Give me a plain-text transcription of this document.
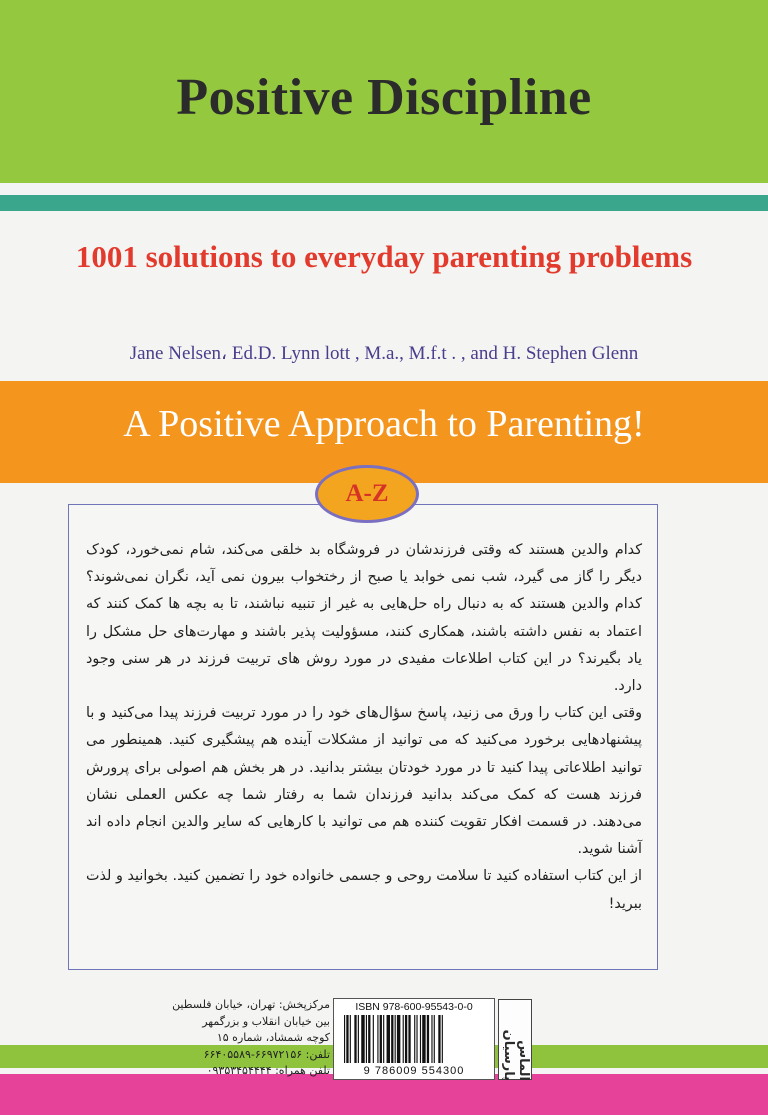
Positive Discipline
1001 solutions to everyday parenting problems
Jane Nelsen، Ed.D. Lynn lott , M.a., M.f.t . , and H. Stephen Glenn
A Positive Approach to Parenting!
A-Z

کدام والدین هستند که وقتی فرزندشان در فروشگاه بد خلقی می‌کند، شام نمی‌خورد، کودک دیگر را گاز می گیرد، شب نمی خوابد یا صبح از رختخواب بیرون نمی آید، نگران نمی‌شوند؟ کدام والدین هستند که به دنبال راه حل‌هایی به غیر از تنبیه نباشند، تا به بچه ها کمک کنند که اعتماد به نفس داشته باشند، همکاری کنند، مسؤولیت پذیر باشند و مهارت‌های حل مشکل را یاد بگیرند؟ در این کتاب اطلاعات مفیدی در مورد روش های تربیت فرزند در هر سنی وجود دارد.

وقتی این کتاب را ورق می زنید، پاسخ سؤال‌های خود را در مورد تربیت فرزند پیدا می‌کنید و با پیشنهادهایی برخورد می‌کنید که می توانید از مشکلات آینده هم پیشگیری کنید. همینطور می توانید اطلاعاتی پیدا کنید تا در مورد خودتان بیشتر بدانید. در هر بخش هم اصولی برای پرورش فرزند هست که کمک می‌کند بدانید فرزندان شما به رفتار شما چه عکس العملی نشان می‌دهند. در قسمت افکار تقویت کننده هم می توانید با کارهایی که سایر والدین انجام داده اند آشنا شوید.

از این کتاب استفاده کنید تا سلامت روحی و جسمی خانواده خود را تضمین کنید. بخوانید و لذت ببرید!

مرکزپخش: تهران، خیابان فلسطین

بین خیابان انقلاب و بزرگمهر

کوچه شمشاد، شماره ۱۵

تلفن: ۶۶۹۷۲۱۵۶-۶۶۴۰۵۵۸۹

تلفن همراه: ۰۹۳۵۳۴۵۴۴۴۴

ISBN 978-600-95543-0-0
9 786009 554300	الماس پارسیان
